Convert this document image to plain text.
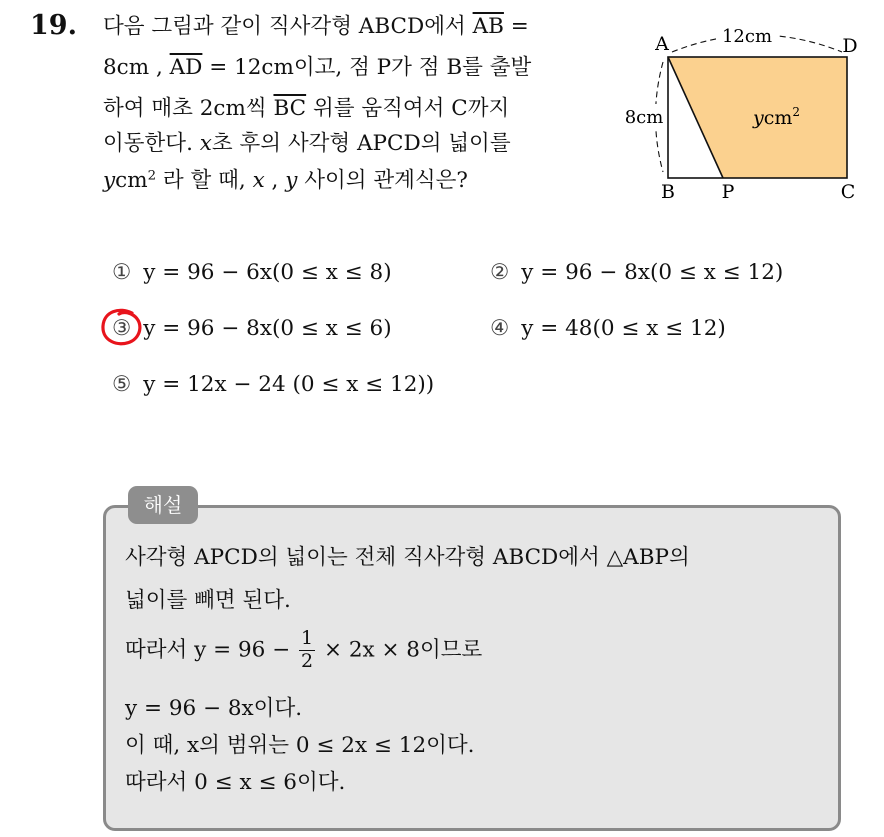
19. 다음 그림과 같이 직사각형 ABCD에서 $\overline{AB}$ =
8cm , $\overline{AD} = 12cm$이고, 점 P가 점 B를 출발
하여 매초 2cm씩 $\overline{BC}$ 위를 움직여서 C까지
이동한다. x초 후의 사각형 APCD의 넓이를
ycm$^2$ 라 할 때, x , y 사이의 관계식은?
12cm
8cm
A	D
B P	C
ycm$^2$
① y = 96 − 6x(0 ≤ x ≤ 8)	② y = 96 − 8x(0 ≤ x ≤ 12)
③ y = 96 − 8x(0 ≤ x ≤ 6)	④ y = 48(0 ≤ x ≤ 12)
⑤ y = 12x − 24 (0 ≤ x ≤ 12))
해설
사각형 APCD의 넓이는 전체 직사각형 ABCD에서 △ABP의
넓이를 빼면 된다.
따라서 $y = 96 - \frac{1}{2} \times 2x \times 8$이므로
y = 96 − 8x이다.
이 때, x의 범위는 0 ≤ 2x ≤ 12이다.
따라서 0 ≤ x ≤ 6이다.
